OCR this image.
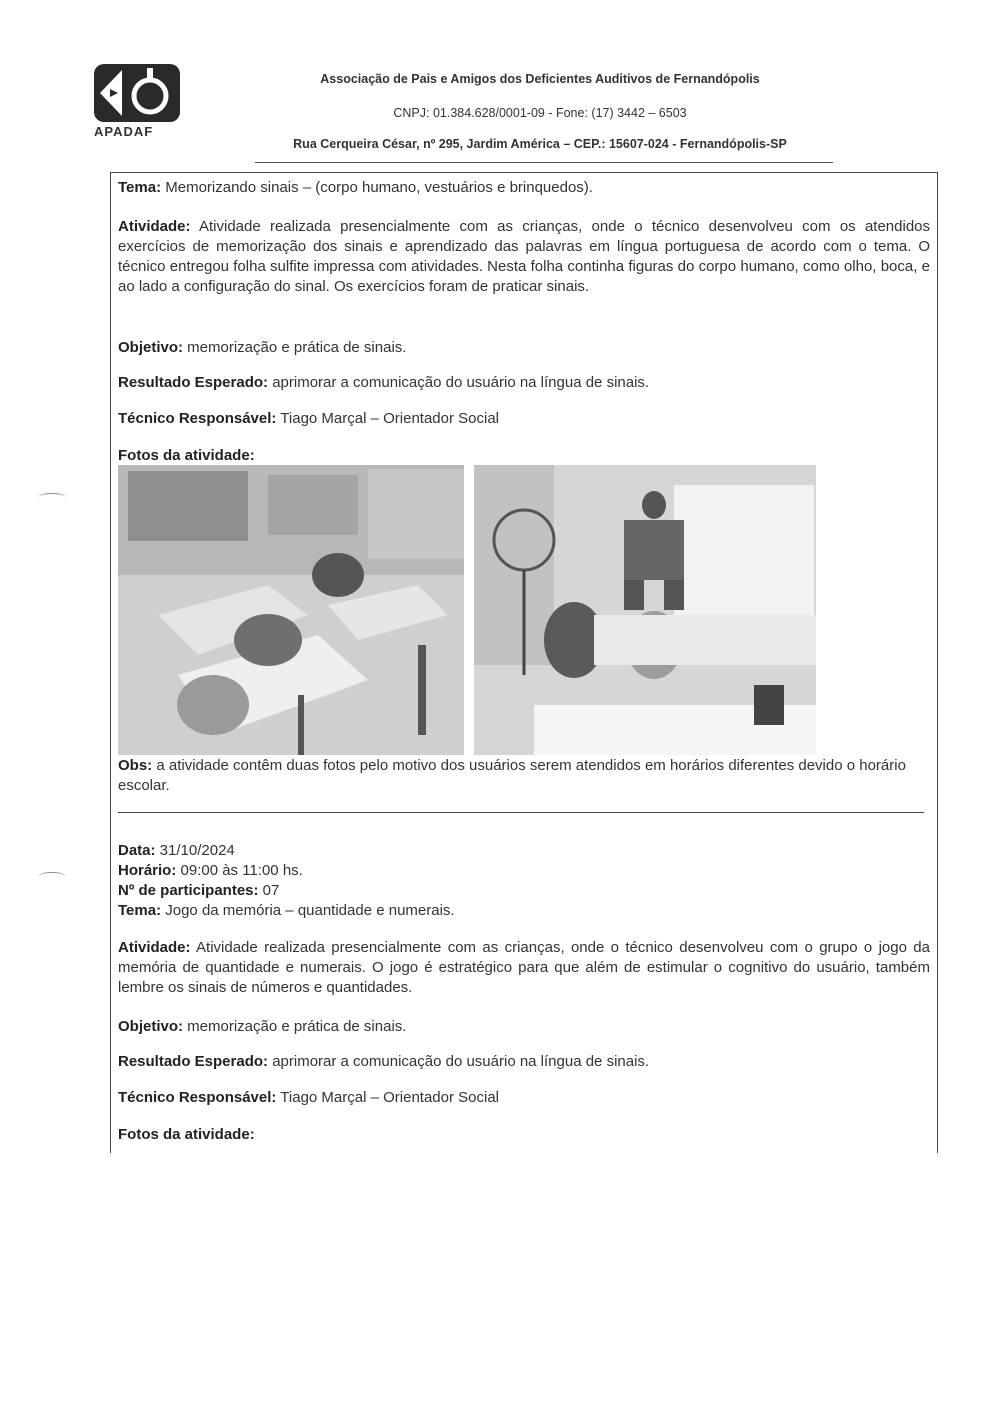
APADAF
Associação de Pais e Amigos dos Deficientes Auditivos de Fernandópolis
CNPJ: 01.384.628/0001-09 - Fone: (17) 3442 – 6503
Rua Cerqueira César, nº 295, Jardim América – CEP.: 15607-024 - Fernandópolis-SP

Tema: Memorizando sinais – (corpo humano, vestuários e brinquedos).

Atividade: Atividade realizada presencialmente com as crianças, onde o técnico desenvolveu com os atendidos exercícios de memorização dos sinais e aprendizado das palavras em língua portuguesa de acordo com o tema. O técnico entregou folha sulfite impressa com atividades. Nesta folha continha figuras do corpo humano, como olho, boca, e ao lado a configuração do sinal. Os exercícios foram de praticar sinais.

Objetivo: memorização e prática de sinais.

Resultado Esperado: aprimorar a comunicação do usuário na língua de sinais.

Técnico Responsável: Tiago Marçal – Orientador Social

Fotos da atividade:

Obs: a atividade contêm duas fotos pelo motivo dos usuários serem atendidos em horários diferentes devido o horário escolar.

Data: 31/10/2024

Horário: 09:00 às 11:00 hs.

Nº de participantes: 07

Tema: Jogo da memória – quantidade e numerais.

Atividade: Atividade realizada presencialmente com as crianças, onde o técnico desenvolveu com o grupo o jogo da memória de quantidade e numerais. O jogo é estratégico para que além de estimular o cognitivo do usuário, também lembre os sinais de números e quantidades.

Objetivo: memorização e prática de sinais.

Resultado Esperado: aprimorar a comunicação do usuário na língua de sinais.

Técnico Responsável: Tiago Marçal – Orientador Social

Fotos da atividade:
